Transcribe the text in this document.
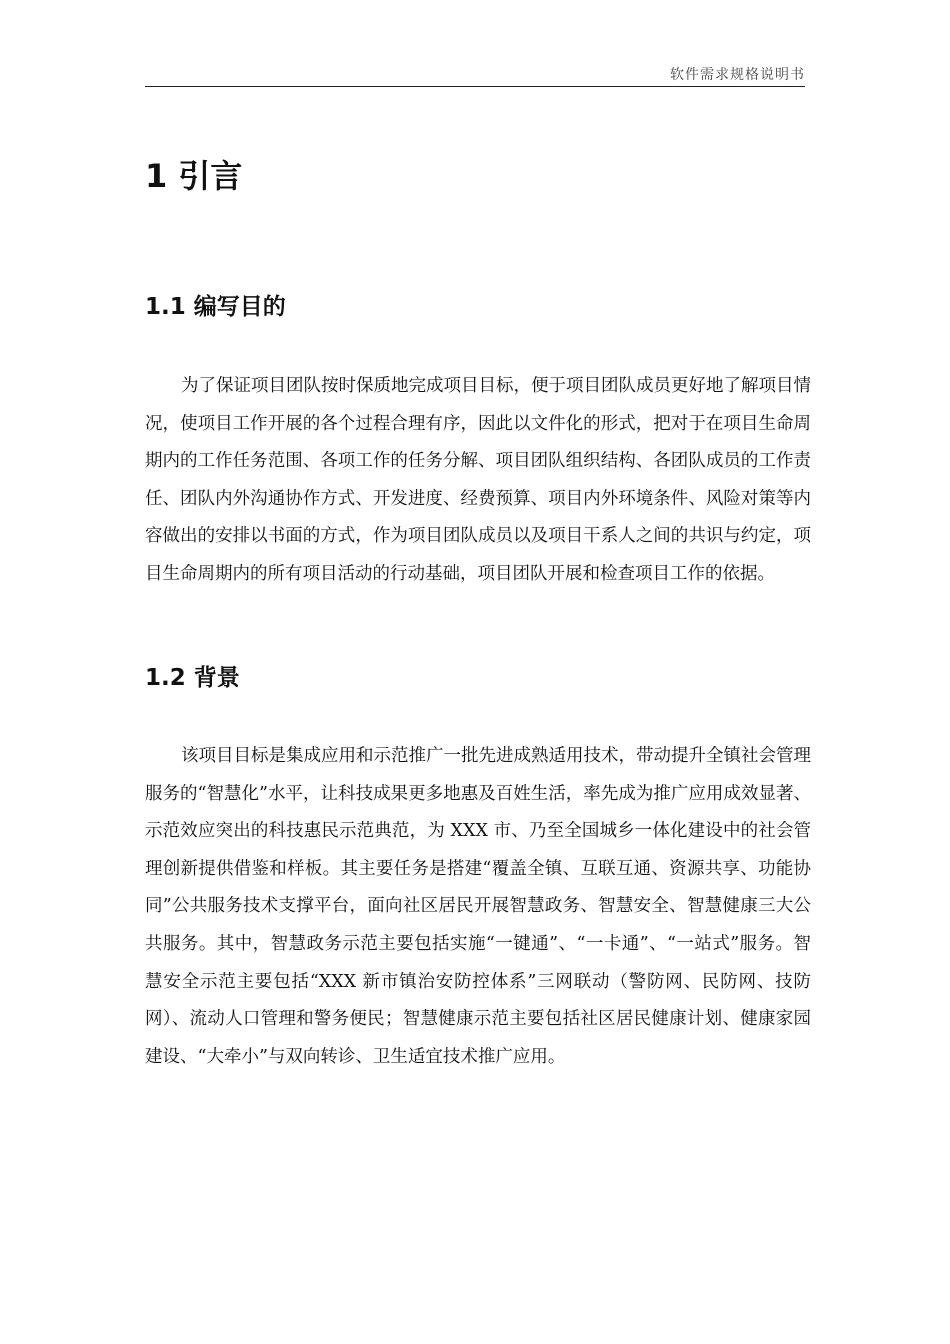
软件需求规格说明书
1 引言
1.1 编写目的

为了保证项目团队按时保质地完成项目目标，便于项目团队成员更好地了解项目情况，使项目工作开展的各个过程合理有序，因此以文件化的形式，把对于在项目生命周期内的工作任务范围、各项工作的任务分解、项目团队组织结构、各团队成员的工作责任、团队内外沟通协作方式、开发进度、经费预算、项目内外环境条件、风险对策等内容做出的安排以书面的方式，作为项目团队成员以及项目干系人之间的共识与约定，项目生命周期内的所有项目活动的行动基础，项目团队开展和检查项目工作的依据。

1.2 背景

该项目目标是集成应用和示范推广一批先进成熟适用技术，带动提升全镇社会管理服务的“智慧化”水平，让科技成果更多地惠及百姓生活，率先成为推广应用成效显著、示范效应突出的科技惠民示范典范，为 XXX 市、乃至全国城乡一体化建设中的社会管理创新提供借鉴和样板。其主要任务是搭建“覆盖全镇、互联互通、资源共享、功能协同”公共服务技术支撑平台，面向社区居民开展智慧政务、智慧安全、智慧健康三大公共服务。其中，智慧政务示范主要包括实施“一键通”、“一卡通”、“一站式”服务。智慧安全示范主要包括“XXX 新市镇治安防控体系”三网联动（警防网、民防网、技防网）、流动人口管理和警务便民；智慧健康示范主要包括社区居民健康计划、健康家园建设、“大牵小”与双向转诊、卫生适宜技术推广应用。
